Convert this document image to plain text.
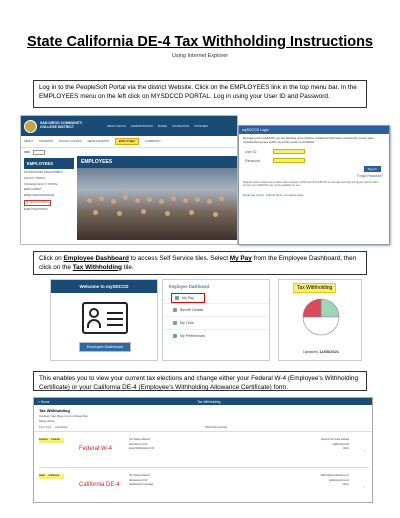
State California DE-4 Tax Withholding Instructions
Using Internet Explorer
Log in to the PeopleSoft Portal via the district Website. Click on the EMPLOYEES link in the top menu bar. In the EMPLOYEES menu on the left click on MYSDCCD PORTAL. Log in using your User ID and Password.
SAN DIEGO COMMUNITY COLLEGE DISTRICT	ABOUT SDCCD ADMINISTRATION BOARD FOUNDATION TRUSTEES
ABOUT STUDENTS FACULTY & STAFF NEWS & EVENTS	EMPLOYEES	COMMUNITY
FIND
EMPLOYEES
PROFESSIONAL DEVELOPMENT
FACULTY PORTAL
COLLEGE FACULTY PORTAL
EMPLOYMENT
EMPLOYEE RESOURCES
MYSDCCD PORTAL
EMPLOYEE PORTAL
EMPLOYEES
mySDCCD Login
By logging into mySDCCD, you are agreeing not to disclose confidential information protected by privacy laws. Unauthorized access and/or use of this system is prohibited.
User ID
Password
Sign In
Forgot Password?
Regular system maintenance takes place between 12:00 and 06:00 AM PST on Sunday mornings during this period online services of mySDCCD may not be available for use.
Required Action: Submit Now, Complete Help
Click on Employee Dashboard to access Self Service tiles. Select My Pay from the Employee Dashboard, then click on the Tax Withholding tile.
Welcome to mySDCCD
Employee Dashboard
Employee Dashboard
My Pay
Benefit Details
My Time
My Preferences
Tax Withholding
Updated 11/08/2021
This enables you to view your current tax elections and change either your Federal W-4 (Employee's Withholding Certificate) or your California DE-4 (Employee's Withholding Allowance Certificate) form.
< Home	Tax Withholding
Tax Withholding
Company San Diego Comm College Dist
Status Active
Form Type	Jurisdiction	Withholding Details
Federal Federal
Federal W-4
Tax Status Married
Allowances 0.00
Extra Withholding 0.00
Special Tax Code Default
Additional 0.00
Other	›
State California
California DE-4
Tax Status Married
Allowances 0.00
Additional Percentage
Withholding Allowances 0
Additional Amount
Other	›
